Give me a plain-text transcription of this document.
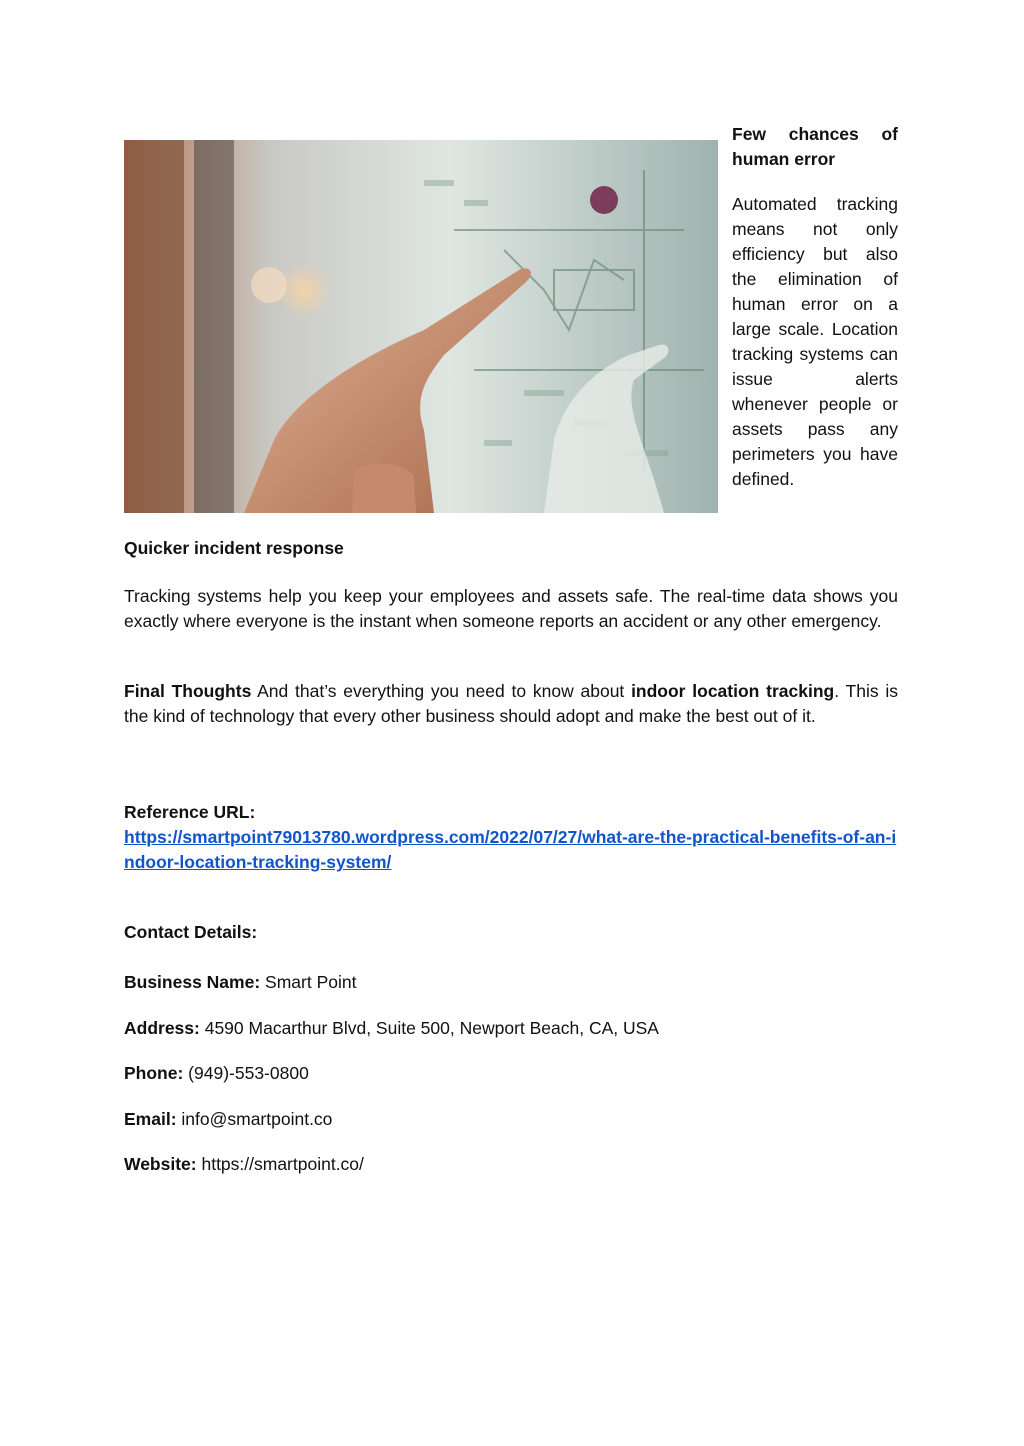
Few chances of human error

Automated tracking means not only efficiency but also the elimination of human error on a large scale. Location tracking systems can issue alerts whenever people or assets pass any perimeters you have defined.

Quicker incident response

Tracking systems help you keep your employees and assets safe. The real-time data shows you exactly where everyone is the instant when someone reports an accident or any other emergency.

Final Thoughts And that’s everything you need to know about indoor location tracking. This is the kind of technology that every other business should adopt and make the best out of it.

Reference URL:
https://smartpoint79013780.wordpress.com/2022/07/27/what-are-the-practical-benefits-of-an-indoor-location-tracking-system/
Contact Details:
Business Name: Smart Point
Address: 4590 Macarthur Blvd, Suite 500, Newport Beach, CA, USA
Phone: (949)-553-0800
Email: info@smartpoint.co
Website: https://smartpoint.co/
